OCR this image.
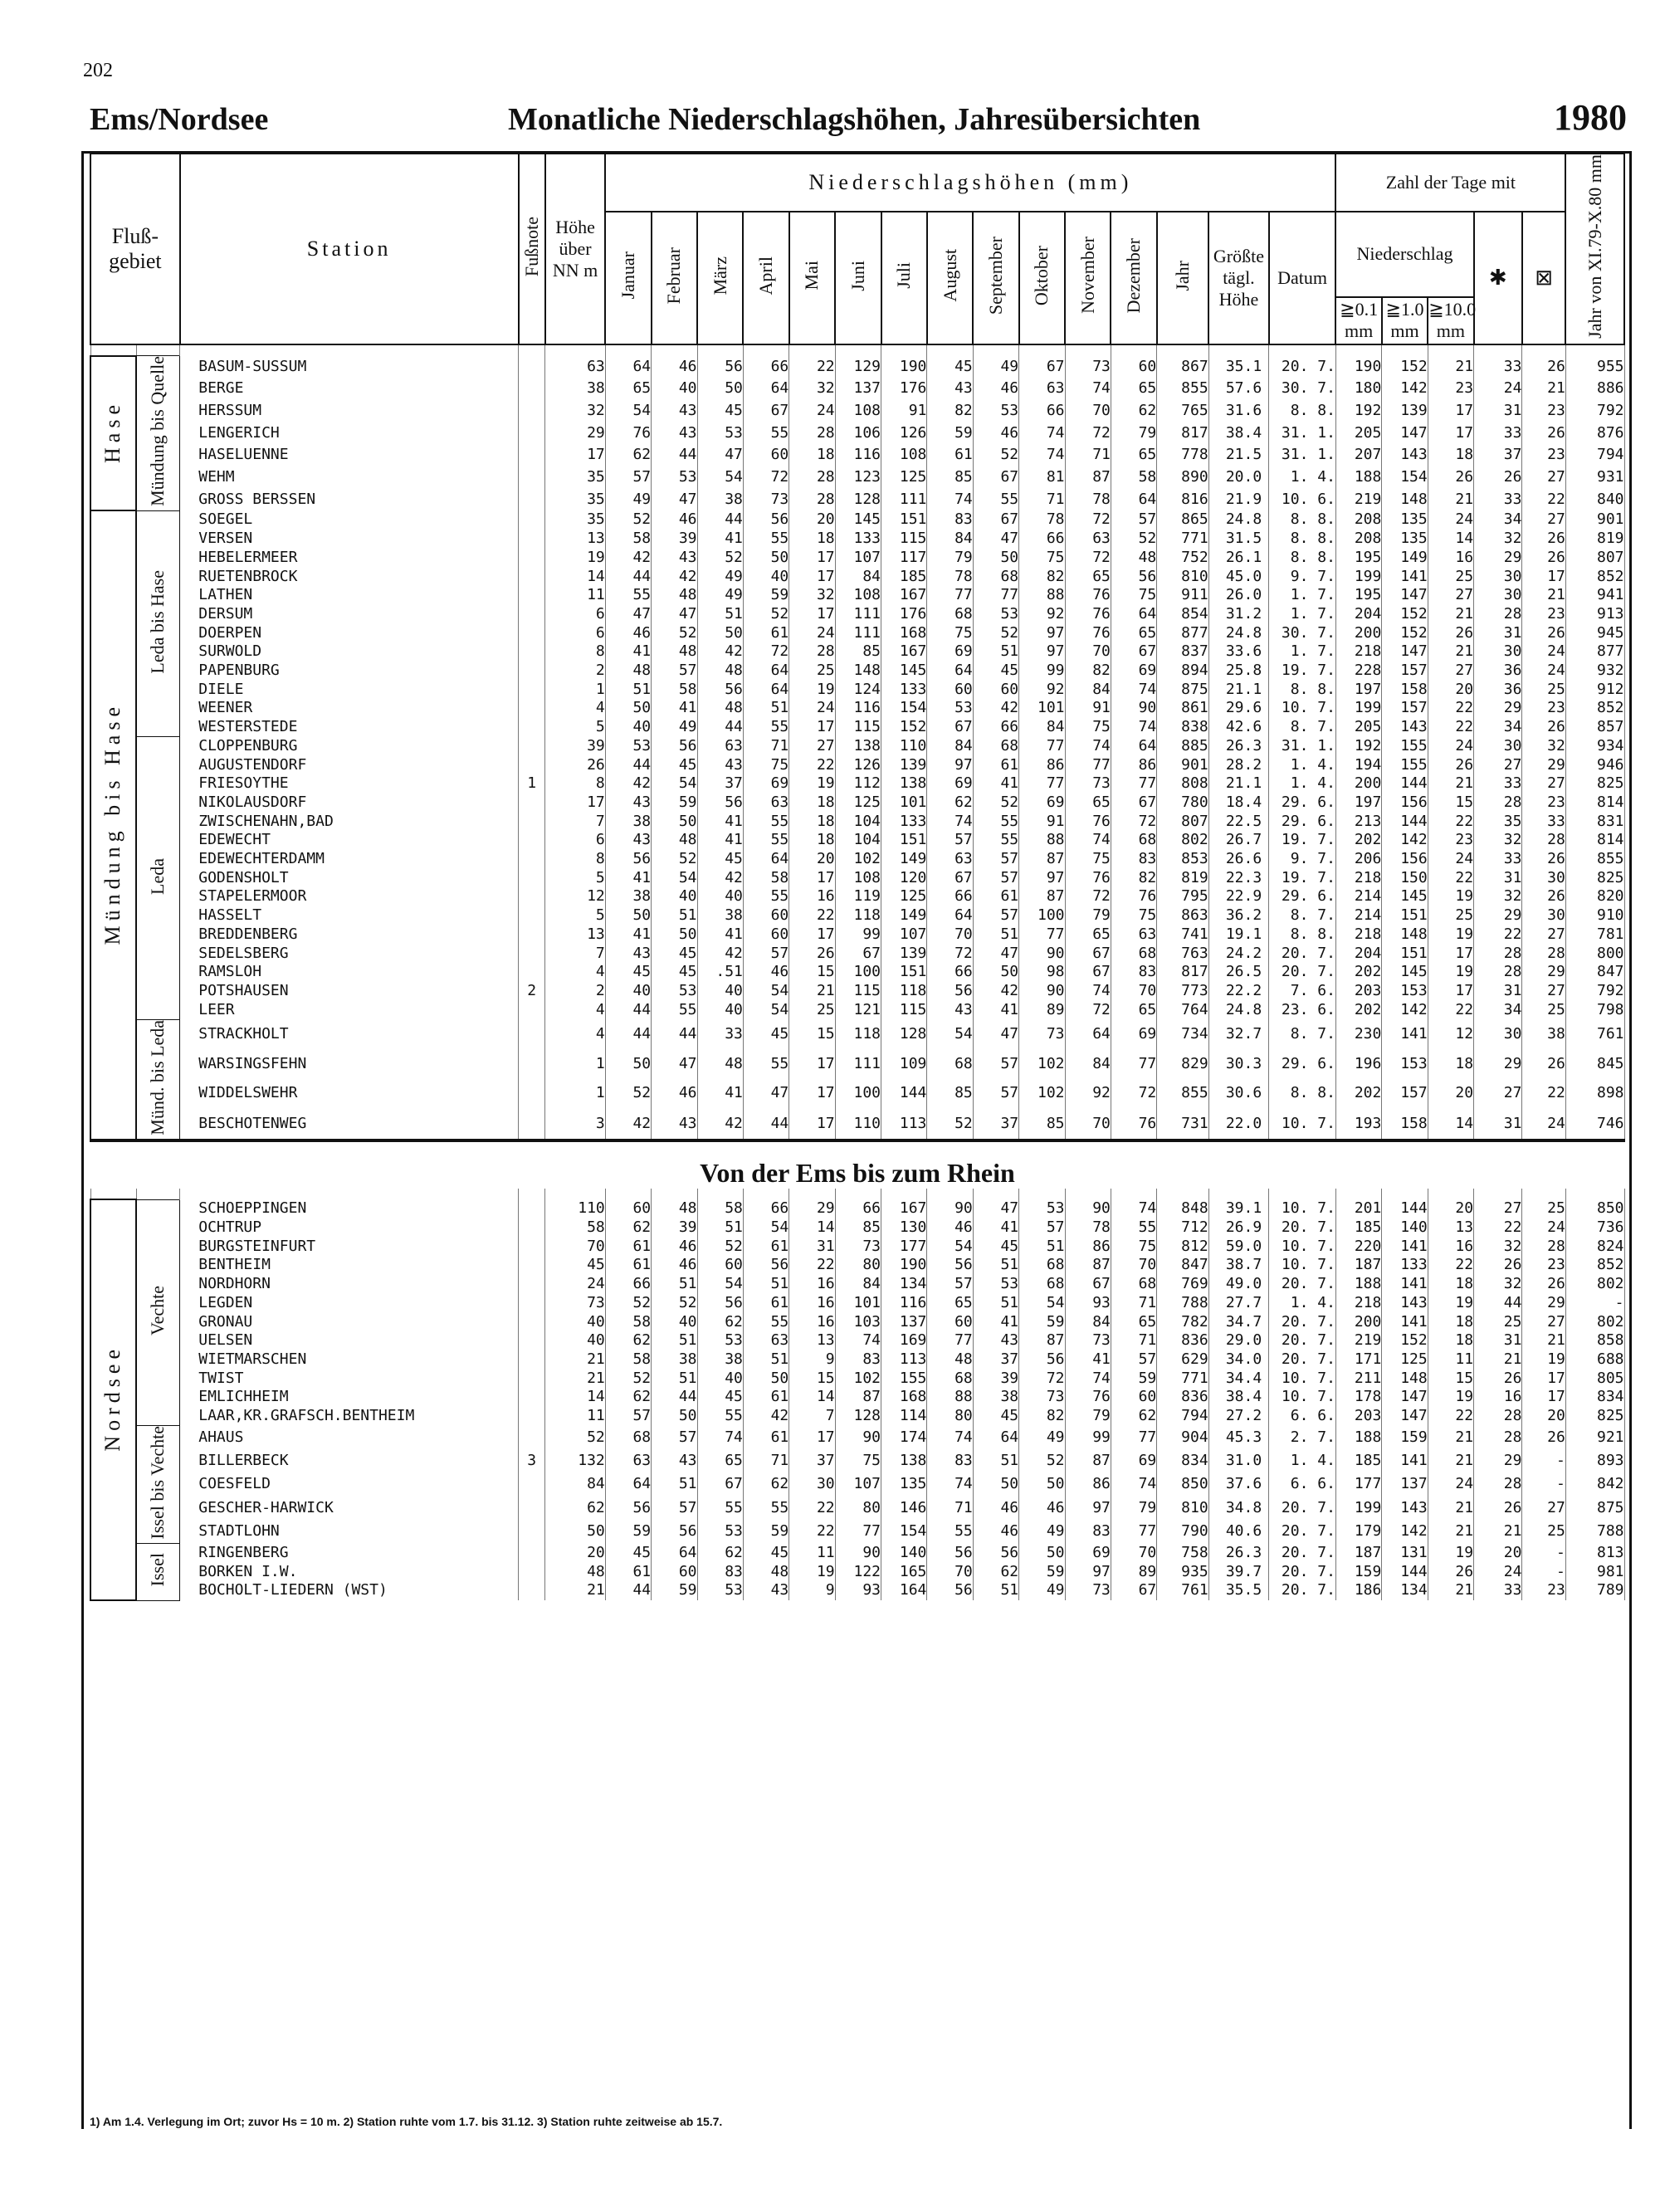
202
Ems/Nordsee	Monatliche Niederschlagshöhen, Jahresübersichten	1980
Fluß-
gebiet		Station	Fußnote	Höhe über NN m	Niederschlagshöhen (mm)															Zahl der Tage mit					Jahr von XI.79-X.80 mm
					Januar	Februar	März	April	Mai	Juni	Juli	August	September	Oktober	November	Dezember	Jahr	Größte tägl. Höhe	Datum	Niederschlag			✱	⊠	
																				≧0.1 mm	≧1.0 mm	≧10.0 mm			

Hase	Mündung bis Quelle	BASUM-SUSSUM		63	64	46	56	66	22	129	190	45	49	67	73	60	867	35.1	20. 7.	190	152	21	33	26	955
		BERGE		38	65	40	50	64	32	137	176	43	46	63	74	65	855	57.6	30. 7.	180	142	23	24	21	886
		HERSSUM		32	54	43	45	67	24	108	91	82	53	66	70	62	765	31.6	8. 8.	192	139	17	31	23	792
		LENGERICH		29	76	43	53	55	28	106	126	59	46	74	72	79	817	38.4	31. 1.	205	147	17	33	26	876
		HASELUENNE		17	62	44	47	60	18	116	108	61	52	74	71	65	778	21.5	31. 1.	207	143	18	37	23	794
		WEHM		35	57	53	54	72	28	123	125	85	67	81	87	58	890	20.0	1. 4.	188	154	26	26	27	931
		GROSS BERSSEN		35	49	47	38	73	28	128	111	74	55	71	78	64	816	21.9	10. 6.	219	148	21	33	22	840
Mündung bis Hase	Leda bis Hase	SOEGEL		35	52	46	44	56	20	145	151	83	67	78	72	57	865	24.8	8. 8.	208	135	24	34	27	901
		VERSEN		13	58	39	41	55	18	133	115	84	47	66	63	52	771	31.5	8. 8.	208	135	14	32	26	819
		HEBELERMEER		19	42	43	52	50	17	107	117	79	50	75	72	48	752	26.1	8. 8.	195	149	16	29	26	807
		RUETENBROCK		14	44	42	49	40	17	84	185	78	68	82	65	56	810	45.0	9. 7.	199	141	25	30	17	852
		LATHEN		11	55	48	49	59	32	108	167	77	77	88	76	75	911	26.0	1. 7.	195	147	27	30	21	941
		DERSUM		6	47	47	51	52	17	111	176	68	53	92	76	64	854	31.2	1. 7.	204	152	21	28	23	913
		DOERPEN		6	46	52	50	61	24	111	168	75	52	97	76	65	877	24.8	30. 7.	200	152	26	31	26	945
		SURWOLD		8	41	48	42	72	28	85	167	69	51	97	70	67	837	33.6	1. 7.	218	147	21	30	24	877
		PAPENBURG		2	48	57	48	64	25	148	145	64	45	99	82	69	894	25.8	19. 7.	228	157	27	36	24	932
		DIELE		1	51	58	56	64	19	124	133	60	60	92	84	74	875	21.1	8. 8.	197	158	20	36	25	912
		WEENER		4	50	41	48	51	24	116	154	53	42	101	91	90	861	29.6	10. 7.	199	157	22	29	23	852
		WESTERSTEDE		5	40	49	44	55	17	115	152	67	66	84	75	74	838	42.6	8. 7.	205	143	22	34	26	857
	Leda	CLOPPENBURG		39	53	56	63	71	27	138	110	84	68	77	74	64	885	26.3	31. 1.	192	155	24	30	32	934
		AUGUSTENDORF		26	44	45	43	75	22	126	139	97	61	86	77	86	901	28.2	1. 4.	194	155	26	27	29	946
		FRIESOYTHE	1	8	42	54	37	69	19	112	138	69	41	77	73	77	808	21.1	1. 4.	200	144	21	33	27	825
		NIKOLAUSDORF		17	43	59	56	63	18	125	101	62	52	69	65	67	780	18.4	29. 6.	197	156	15	28	23	814
		ZWISCHENAHN,BAD		7	38	50	41	55	18	104	133	74	55	91	76	72	807	22.5	29. 6.	213	144	22	35	33	831
		EDEWECHT		6	43	48	41	55	18	104	151	57	55	88	74	68	802	26.7	19. 7.	202	142	23	32	28	814
		EDEWECHTERDAMM		8	56	52	45	64	20	102	149	63	57	87	75	83	853	26.6	9. 7.	206	156	24	33	26	855
		GODENSHOLT		5	41	54	42	58	17	108	120	67	57	97	76	82	819	22.3	19. 7.	218	150	22	31	30	825
		STAPELERMOOR		12	38	40	40	55	16	119	125	66	61	87	72	76	795	22.9	29. 6.	214	145	19	32	26	820
		HASSELT		5	50	51	38	60	22	118	149	64	57	100	79	75	863	36.2	8. 7.	214	151	25	29	30	910
		BREDDENBERG		13	41	50	41	60	17	99	107	70	51	77	65	63	741	19.1	8. 8.	218	148	19	22	27	781
		SEDELSBERG		7	43	45	42	57	26	67	139	72	47	90	67	68	763	24.2	20. 7.	204	151	17	28	28	800
		RAMSLOH		4	45	45	.51	46	15	100	151	66	50	98	67	83	817	26.5	20. 7.	202	145	19	28	29	847
		POTSHAUSEN	2	2	40	53	40	54	21	115	118	56	42	90	74	70	773	22.2	7. 6.	203	153	17	31	27	792
		LEER		4	44	55	40	54	25	121	115	43	41	89	72	65	764	24.8	23. 6.	202	142	22	34	25	798
	Münd. bis Leda	STRACKHOLT		4	44	44	33	45	15	118	128	54	47	73	64	69	734	32.7	8. 7.	230	141	12	30	38	761
		WARSINGSFEHN		1	50	47	48	55	17	111	109	68	57	102	84	77	829	30.3	29. 6.	196	153	18	29	26	845
		WIDDELSWEHR		1	52	46	41	47	17	100	144	85	57	102	92	72	855	30.6	8. 8.	202	157	20	27	22	898
		BESCHOTENWEG		3	42	43	42	44	17	110	113	52	37	85	70	76	731	22.0	10. 7.	193	158	14	31	24	746
Von der Ems bis zum Rhein																									

Nordsee	Vechte	SCHOEPPINGEN		110	60	48	58	66	29	66	167	90	47	53	90	74	848	39.1	10. 7.	201	144	20	27	25	850
		OCHTRUP		58	62	39	51	54	14	85	130	46	41	57	78	55	712	26.9	20. 7.	185	140	13	22	24	736
		BURGSTEINFURT		70	61	46	52	61	31	73	177	54	45	51	86	75	812	59.0	10. 7.	220	141	16	32	28	824
		BENTHEIM		45	61	46	60	56	22	80	190	56	51	68	87	70	847	38.7	10. 7.	187	133	22	26	23	852
		NORDHORN		24	66	51	54	51	16	84	134	57	53	68	67	68	769	49.0	20. 7.	188	141	18	32	26	802
		LEGDEN		73	52	52	56	61	16	101	116	65	51	54	93	71	788	27.7	1. 4.	218	143	19	44	29	-
		GRONAU		40	58	40	62	55	16	103	137	60	41	59	84	65	782	34.7	20. 7.	200	141	18	25	27	802
		UELSEN		40	62	51	53	63	13	74	169	77	43	87	73	71	836	29.0	20. 7.	219	152	18	31	21	858
		WIETMARSCHEN		21	58	38	38	51	9	83	113	48	37	56	41	57	629	34.0	20. 7.	171	125	11	21	19	688
		TWIST		21	52	51	40	50	15	102	155	68	39	72	74	59	771	34.4	10. 7.	211	148	15	26	17	805
		EMLICHHEIM		14	62	44	45	61	14	87	168	88	38	73	76	60	836	38.4	10. 7.	178	147	19	16	17	834
		LAAR,KR.GRAFSCH.BENTHEIM		11	57	50	55	42	7	128	114	80	45	82	79	62	794	27.2	6. 6.	203	147	22	28	20	825
	Issel bis Vechte	AHAUS		52	68	57	74	61	17	90	174	74	64	49	99	77	904	45.3	2. 7.	188	159	21	28	26	921
		BILLERBECK	3	132	63	43	65	71	37	75	138	83	51	52	87	69	834	31.0	1. 4.	185	141	21	29	-	893
		COESFELD		84	64	51	67	62	30	107	135	74	50	50	86	74	850	37.6	6. 6.	177	137	24	28	-	842
		GESCHER-HARWICK		62	56	57	55	55	22	80	146	71	46	46	97	79	810	34.8	20. 7.	199	143	21	26	27	875
		STADTLOHN		50	59	56	53	59	22	77	154	55	46	49	83	77	790	40.6	20. 7.	179	142	21	21	25	788
	Issel	RINGENBERG		20	45	64	62	45	11	90	140	56	56	50	69	70	758	26.3	20. 7.	187	131	19	20	-	813
		BORKEN I.W.		48	61	60	83	48	19	122	165	70	62	59	97	89	935	39.7	20. 7.	159	144	26	24	-	981
		BOCHOLT-LIEDERN (WST)		21	44	59	53	43	9	93	164	56	51	49	73	67	761	35.5	20. 7.	186	134	21	33	23	789
1) Am 1.4. Verlegung im Ort; zuvor Hs = 10 m. 2) Station ruhte vom 1.7. bis 31.12. 3) Station ruhte zeitweise ab 15.7.
